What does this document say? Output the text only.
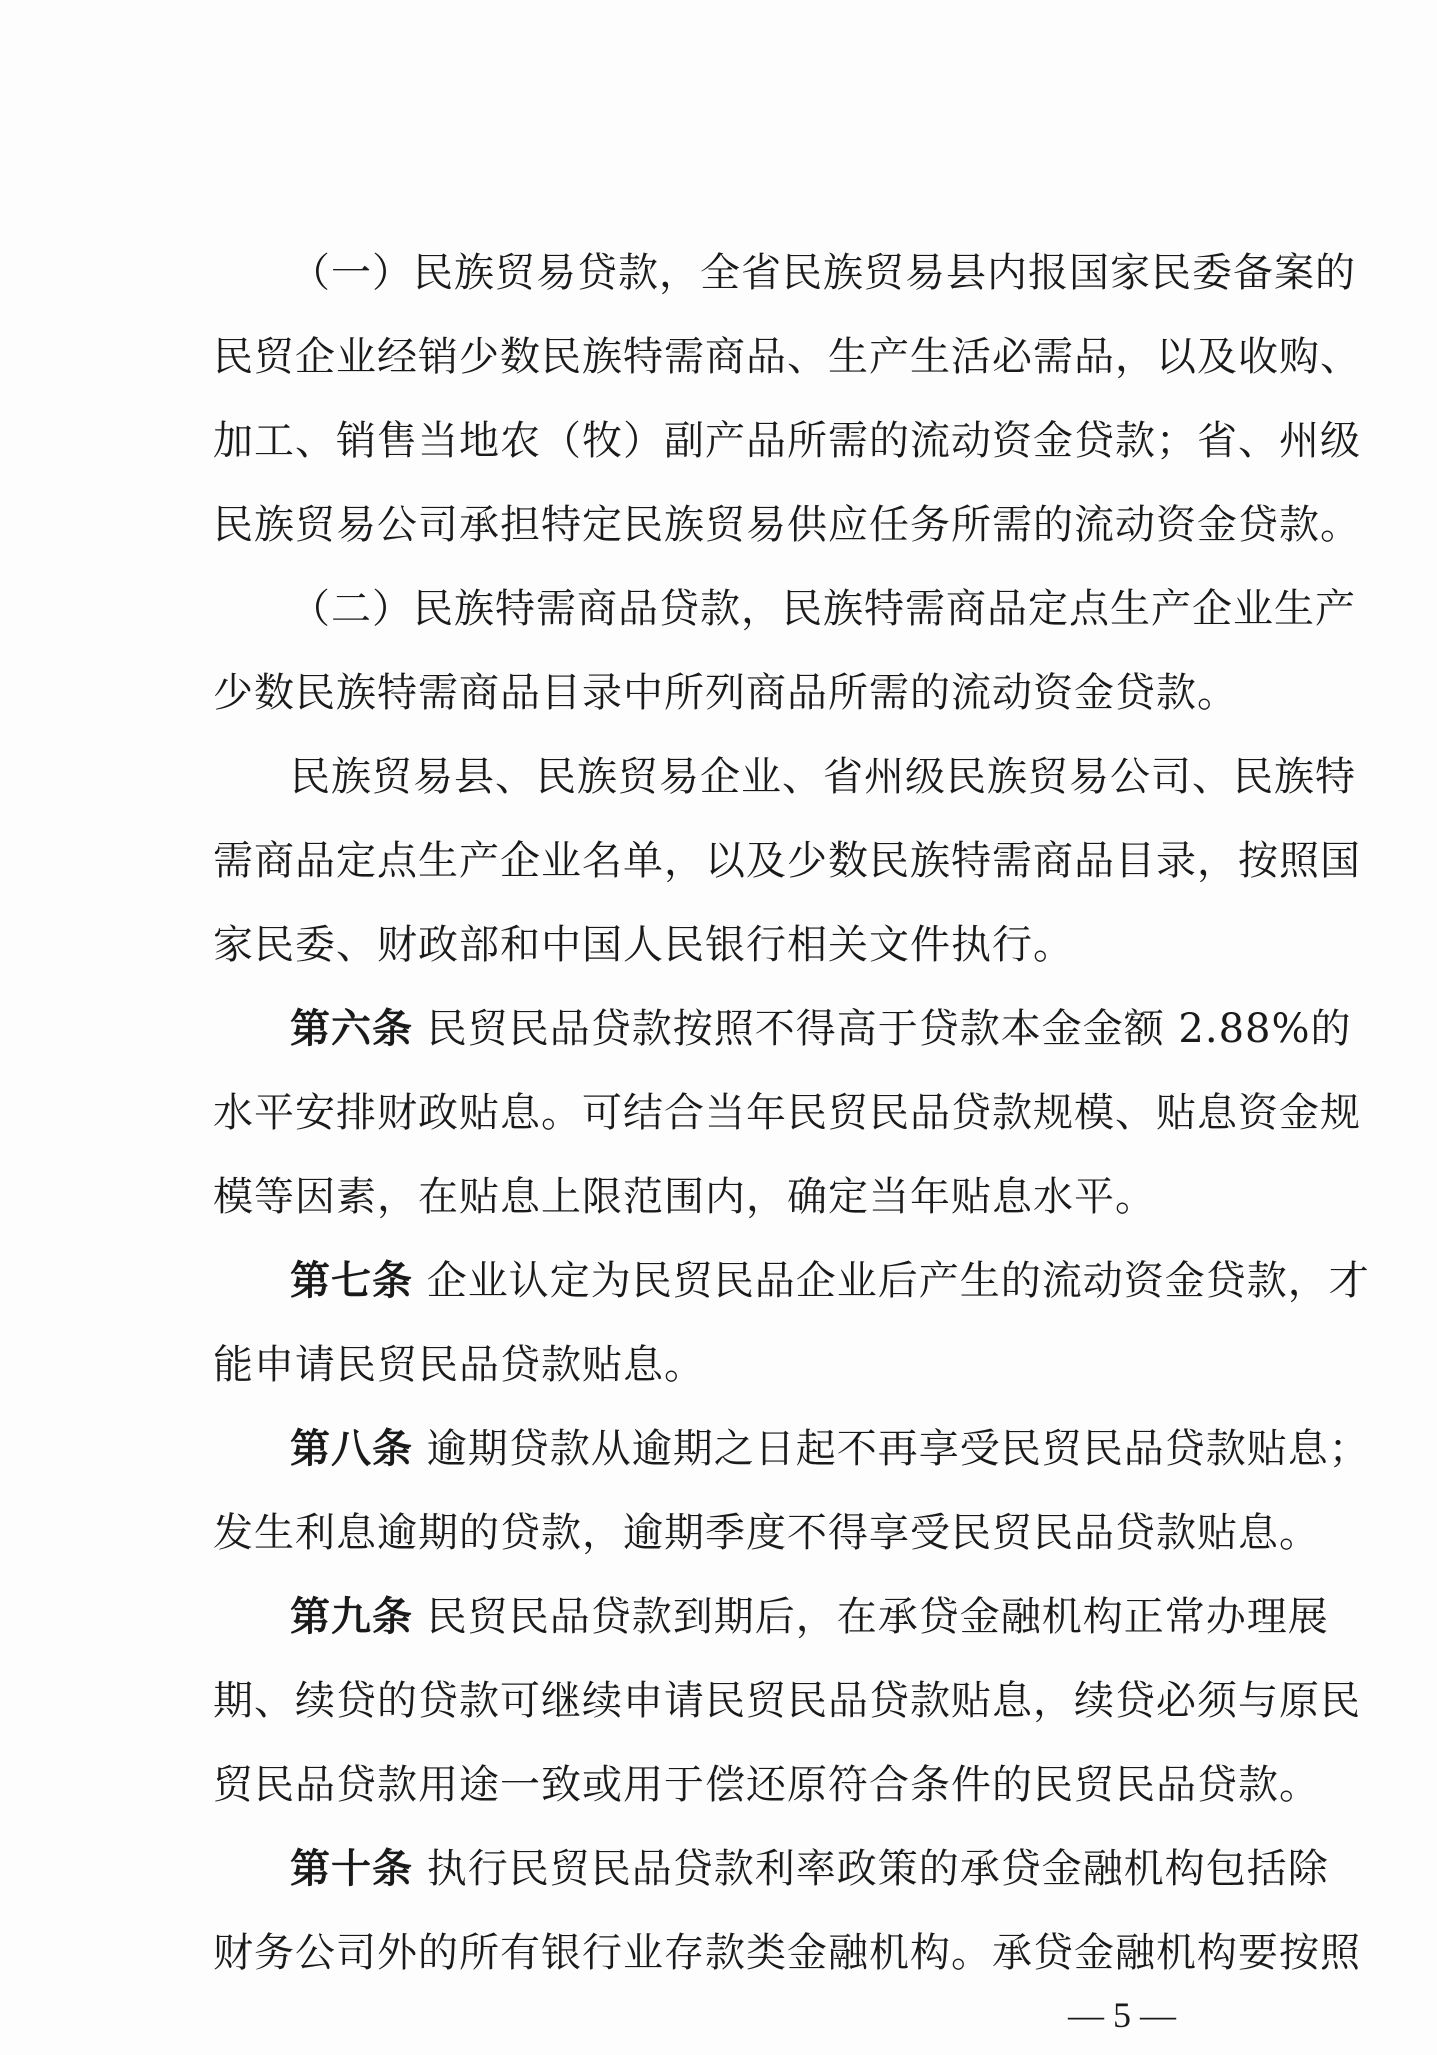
（一）民族贸易贷款，全省民族贸易县内报国家民委备案的
民贸企业经销少数民族特需商品、生产生活必需品，以及收购、
加工、销售当地农（牧）副产品所需的流动资金贷款；省、州级
民族贸易公司承担特定民族贸易供应任务所需的流动资金贷款。
（二）民族特需商品贷款，民族特需商品定点生产企业生产
少数民族特需商品目录中所列商品所需的流动资金贷款。
民族贸易县、民族贸易企业、省州级民族贸易公司、民族特
需商品定点生产企业名单，以及少数民族特需商品目录，按照国
家民委、财政部和中国人民银行相关文件执行。
第六条 民贸民品贷款按照不得高于贷款本金金额 2.88%的
水平安排财政贴息。可结合当年民贸民品贷款规模、贴息资金规
模等因素，在贴息上限范围内，确定当年贴息水平。
第七条 企业认定为民贸民品企业后产生的流动资金贷款，才
能申请民贸民品贷款贴息。
第八条 逾期贷款从逾期之日起不再享受民贸民品贷款贴息；
发生利息逾期的贷款，逾期季度不得享受民贸民品贷款贴息。
第九条 民贸民品贷款到期后，在承贷金融机构正常办理展
期、续贷的贷款可继续申请民贸民品贷款贴息，续贷必须与原民
贸民品贷款用途一致或用于偿还原符合条件的民贸民品贷款。
第十条 执行民贸民品贷款利率政策的承贷金融机构包括除
财务公司外的所有银行业存款类金融机构。承贷金融机构要按照
— 5 —
